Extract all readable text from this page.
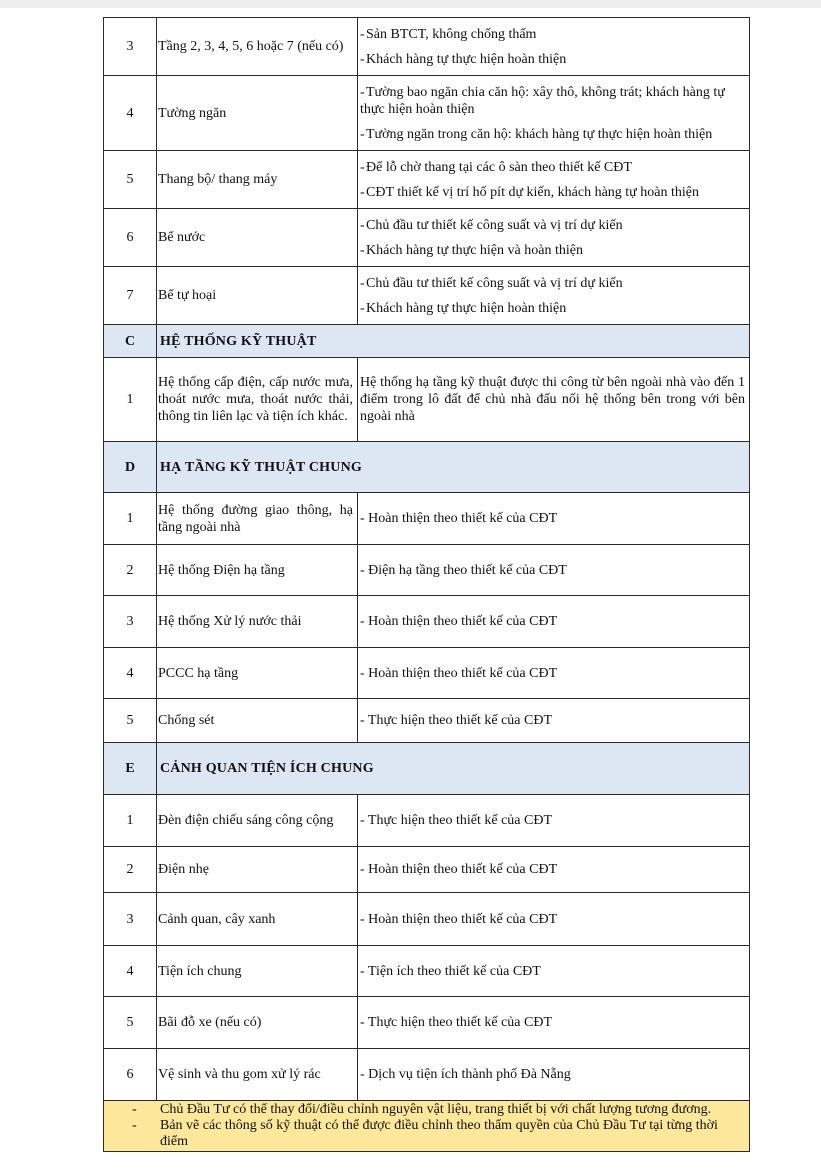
3	Tầng 2, 3, 4, 5, 6 hoặc 7 (nếu có)	-Sản BTCT, không chống thấm
-Khách hàng tự thực hiện hoàn thiện

4	Tường ngăn	-Tường bao ngăn chia căn hộ: xây thô, không trát; khách hàng tự thực hiện hoàn thiện
-Tường ngăn trong căn hộ: khách hàng tự thực hiện hoàn thiện

5	Thang bộ/ thang máy	-Để lỗ chờ thang tại các ô sàn theo thiết kế CĐT
-CĐT thiết kế vị trí hố pít dự kiến, khách hàng tự hoàn thiện

6	Bể nước	-Chủ đầu tư thiết kế công suất và vị trí dự kiến
-Khách hàng tự thực hiện và hoàn thiện

7	Bể tự hoại	-Chủ đầu tư thiết kế công suất và vị trí dự kiến
-Khách hàng tự thực hiện hoàn thiện

C	HỆ THỐNG KỸ THUẬT	
1	Hệ thống cấp điện, cấp nước mưa, thoát nước mưa, thoát nước thải, thông tin liên lạc và tiện ích khác.	Hệ thống hạ tầng kỹ thuật được thi công từ bên ngoài nhà vào đến 1 điểm trong lô đất để chủ nhà đấu nối hệ thống bên trong với bên ngoài nhà
D	HẠ TẦNG KỸ THUẬT CHUNG	
1	Hệ thống đường giao thông, hạ tầng ngoài nhà	- Hoàn thiện theo thiết kế của CĐT
2	Hệ thống Điện hạ tầng	- Điện hạ tầng theo thiết kế của CĐT
3	Hệ thống Xử lý nước thải	- Hoàn thiện theo thiết kế của CĐT
4	PCCC hạ tầng	- Hoàn thiện theo thiết kế của CĐT
5	Chống sét	- Thực hiện theo thiết kế của CĐT
E	CẢNH QUAN TIỆN ÍCH CHUNG	
1	Đèn điện chiếu sáng công cộng	- Thực hiện theo thiết kế của CĐT
2	Điện nhẹ	- Hoàn thiện theo thiết kế của CĐT
3	Cảnh quan, cây xanh	- Hoàn thiện theo thiết kế của CĐT
4	Tiện ích chung	- Tiện ích theo thiết kế của CĐT
5	Bãi đỗ xe (nếu có)	- Thực hiện theo thiết kế của CĐT
6	Vệ sinh và thu gom xử lý rác	- Dịch vụ tiện ích thành phố Đà Nẵng
- Chủ Đầu Tư có thể thay đổi/điều chỉnh nguyên vật liệu, trang thiết bị với chất lượng tương đương.
- Bản vẽ các thông số kỹ thuật có thể được điều chỉnh theo thẩm quyền của Chủ Đầu Tư tại từng thời điểm
